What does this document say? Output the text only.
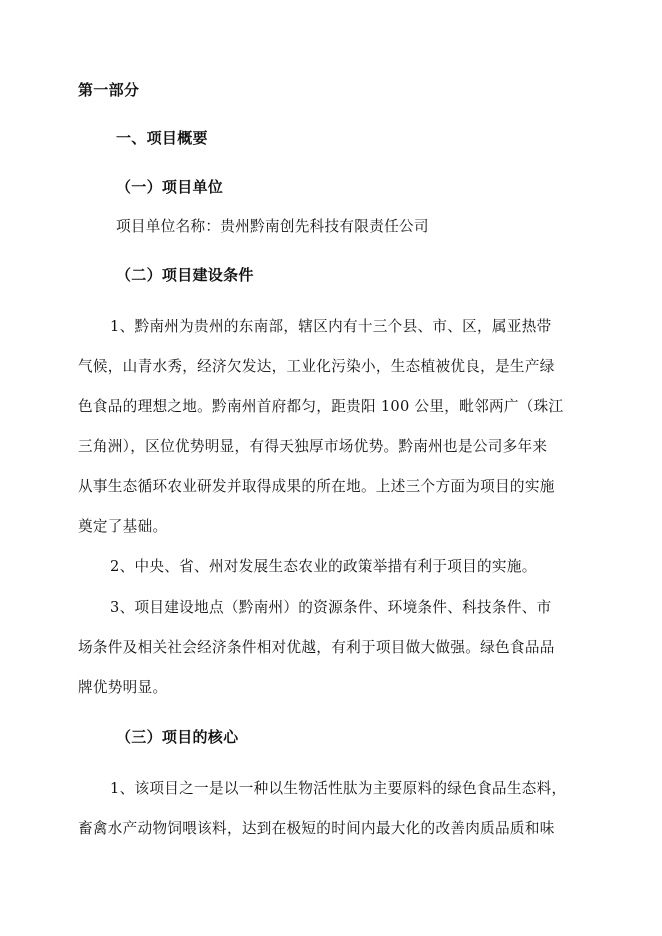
第一部分
一、项目概要
（一）项目单位
项目单位名称：贵州黔南创先科技有限责任公司
（二）项目建设条件
1、黔南州为贵州的东南部，辖区内有十三个县、市、区，属亚热带
气候，山青水秀，经济欠发达，工业化污染小，生态植被优良，是生产绿
色食品的理想之地。黔南州首府都匀，距贵阳 100 公里，毗邻两广（珠江
三角洲），区位优势明显，有得天独厚市场优势。黔南州也是公司多年来
从事生态循环农业研发并取得成果的所在地。上述三个方面为项目的实施
奠定了基础。
2、中央、省、州对发展生态农业的政策举措有利于项目的实施。
3、项目建设地点（黔南州）的资源条件、环境条件、科技条件、市
场条件及相关社会经济条件相对优越，有利于项目做大做强。绿色食品品
牌优势明显。
（三）项目的核心
1、该项目之一是以一种以生物活性肽为主要原料的绿色食品生态料，
畜禽水产动物饲喂该料，达到在极短的时间内最大化的改善肉质品质和味
